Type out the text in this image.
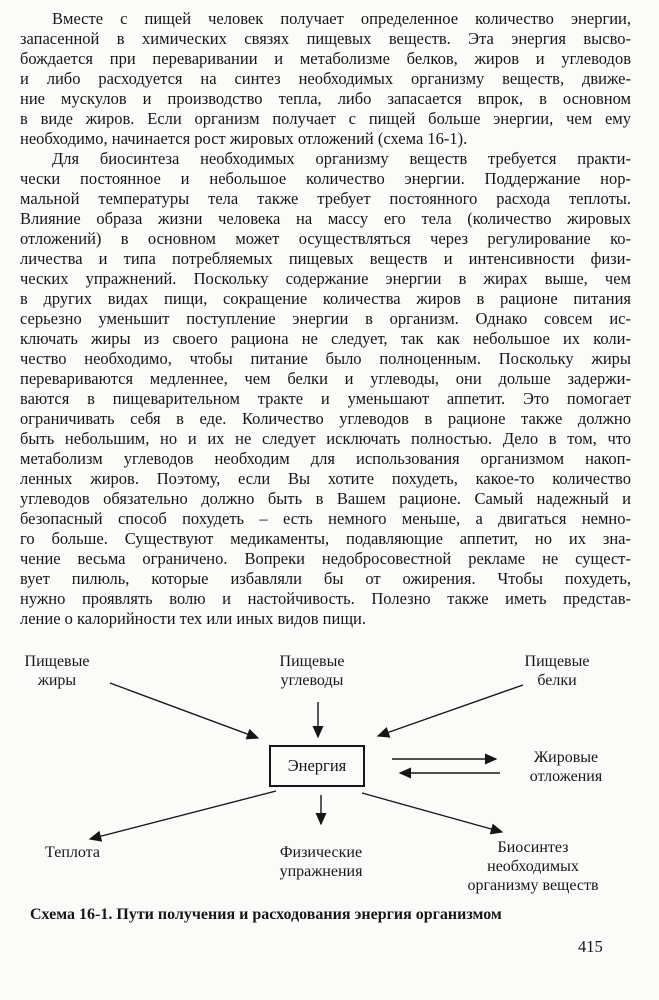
Вместе с пищей человек получает определенное количество энергии,
запасенной в химических связях пищевых веществ. Эта энергия высво-
бождается при переваривании и метаболизме белков, жиров и углеводов
и либо расходуется на синтез необходимых организму веществ, движе-
ние мускулов и производство тепла, либо запасается впрок, в основном
в виде жиров. Если организм получает с пищей больше энергии, чем ему
необходимо, начинается рост жировых отложений (схема 16-1).
Для биосинтеза необходимых организму веществ требуется практи-
чески постоянное и небольшое количество энергии. Поддержание нор-
мальной температуры тела также требует постоянного расхода теплоты.
Влияние образа жизни человека на массу его тела (количество жировых
отложений) в основном может осуществляться через регулирование ко-
личества и типа потребляемых пищевых веществ и интенсивности физи-
ческих упражнений. Поскольку содержание энергии в жирах выше, чем
в других видах пищи, сокращение количества жиров в рационе питания
серьезно уменьшит поступление энергии в организм. Однако совсем ис-
ключать жиры из своего рациона не следует, так как небольшое их коли-
чество необходимо, чтобы питание было полноценным. Поскольку жиры
перевариваются медленнее, чем белки и углеводы, они дольше задержи-
ваются в пищеварительном тракте и уменьшают аппетит. Это помогает
ограничивать себя в еде. Количество углеводов в рационе также должно
быть небольшим, но и их не следует исключать полностью. Дело в том, что
метаболизм углеводов необходим для использования организмом накоп-
ленных жиров. Поэтому, если Вы хотите похудеть, какое-то количество
углеводов обязательно должно быть в Вашем рационе. Самый надежный и
безопасный способ похудеть – есть немного меньше, а двигаться немно-
го больше. Существуют медикаменты, подавляющие аппетит, но их зна-
чение весьма ограничено. Вопреки недобросовестной рекламе не сущест-
вует пилюль, которые избавляли бы от ожирения. Чтобы похудеть,
нужно проявлять волю и настойчивость. Полезно также иметь представ-
ление о калорийности тех или иных видов пищи.
Пищевые жиры
Пищевые углеводы
Пищевые белки
Энергия	Жировые отложения
Теплота	Физические упражнения
Биосинтез необходимых организму веществ
Схема 16-1. Пути получения и расходования энергия организмом
415
